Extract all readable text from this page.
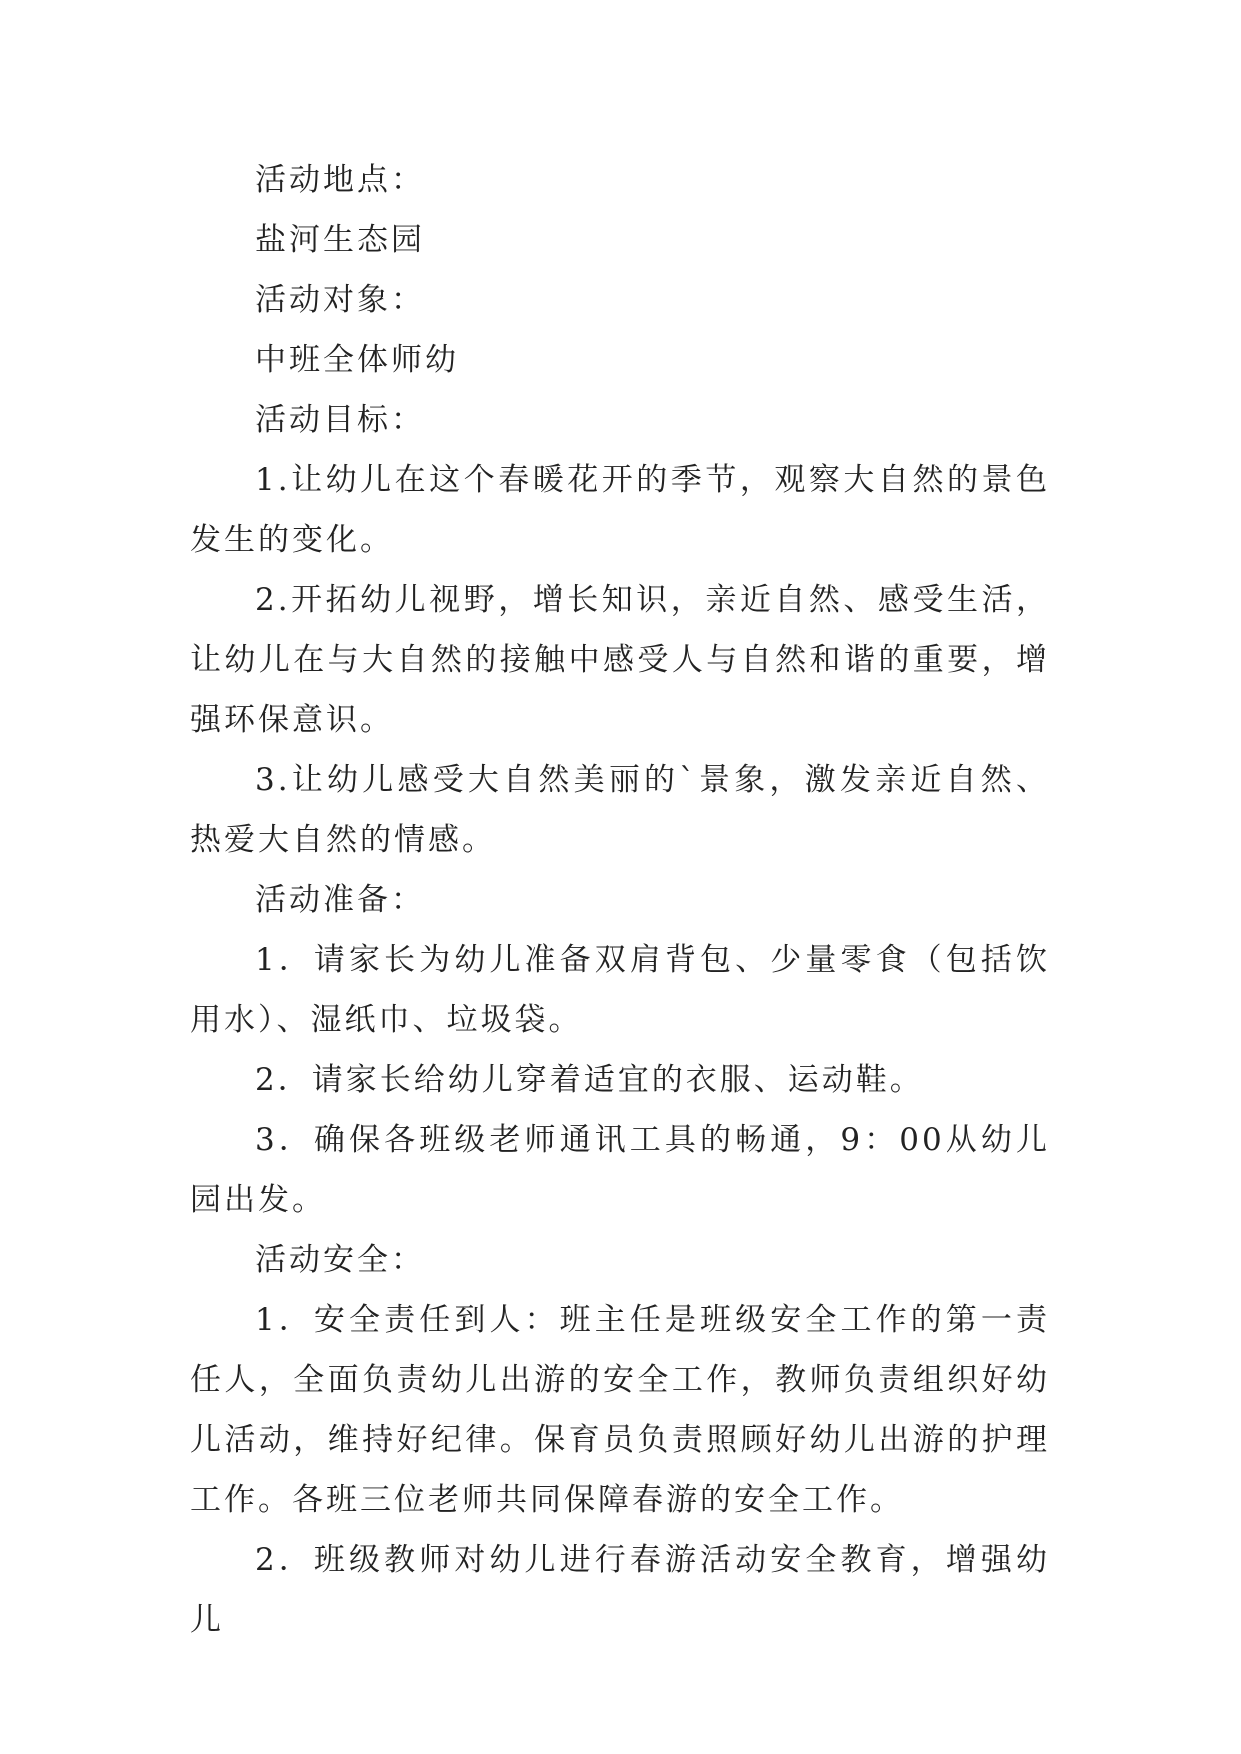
活动地点：

盐河生态园

活动对象：

中班全体师幼

活动目标：

1.让幼儿在这个春暖花开的季节，观察大自然的景色发生的变化。

2.开拓幼儿视野，增长知识，亲近自然、感受生活，让幼儿在与大自然的接触中感受人与自然和谐的重要，增强环保意识。

3.让幼儿感受大自然美丽的`景象，激发亲近自然、热爱大自然的情感。

活动准备：

1．请家长为幼儿准备双肩背包、少量零食（包括饮用水）、湿纸巾、垃圾袋。

2．请家长给幼儿穿着适宜的衣服、运动鞋。

3．确保各班级老师通讯工具的畅通，9：00从幼儿园出发。

活动安全：

1．安全责任到人：班主任是班级安全工作的第一责任人，全面负责幼儿出游的安全工作，教师负责组织好幼儿活动，维持好纪律。保育员负责照顾好幼儿出游的护理工作。各班三位老师共同保障春游的安全工作。

2．班级教师对幼儿进行春游活动安全教育，增强幼儿
